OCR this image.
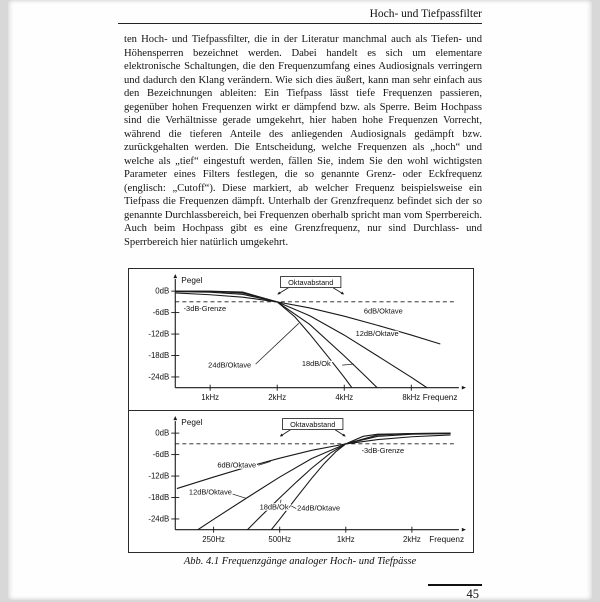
Hoch- und Tiefpassfilter

ten Hoch- und Tiefpassfilter, die in der Literatur manchmal auch als Tiefen- und Höhensperren bezeichnet werden. Dabei handelt es sich um elementare elektronische Schaltungen, die den Frequenzumfang eines Audiosignals verringern und dadurch den Klang verändern. Wie sich dies äußert, kann man sehr einfach aus den Bezeichnungen ableiten: Ein Tiefpass lässt tiefe Frequenzen passieren, gegenüber hohen Frequenzen wirkt er dämpfend bzw. als Sperre. Beim Hochpass sind die Verhältnisse gerade umgekehrt, hier haben hohe Frequenzen Vorrecht, während die tieferen Anteile des anliegenden Audiosignals gedämpft bzw. zurückgehalten werden. Die Entscheidung, welche Frequenzen als „hoch“ und welche als „tief“ eingestuft werden, fällen Sie, indem Sie den wohl wichtigsten Parameter eines Filters festlegen, die so genannte Grenz- oder Eckfrequenz (englisch: „Cutoff“). Diese markiert, ab welcher Frequenz beispielsweise ein Tiefpass die Frequenzen dämpft. Unterhalb der Grenzfrequenz befindet sich der so genannte Durchlassbereich, bei Frequenzen oberhalb spricht man vom Sperrbereich. Auch beim Hochpass gibt es eine Grenzfrequenz, nur sind Durchlass- und Sperrbereich hier natürlich umgekehrt.

Pegel
Frequenz
1kHz	2kHz	4kHz	8kHz
0dB
-6dB
-12dB
-18dB
-24dB
-3dB-Grenze
Oktavabstand
6dB/Oktave
12dB/Oktave
18dB/Ok
24dB/Oktave
Pegel
Frequenz
250Hz	500Hz	1kHz	2kHz
0dB
-6dB
-12dB
-18dB
-24dB
-3dB-Grenze
Oktavabstand
6dB/Oktave
12dB/Oktave
18dB/Ok 24dB/Oktave
Abb. 4.1 Frequenzgänge analoger Hoch- und Tiefpässe
45
